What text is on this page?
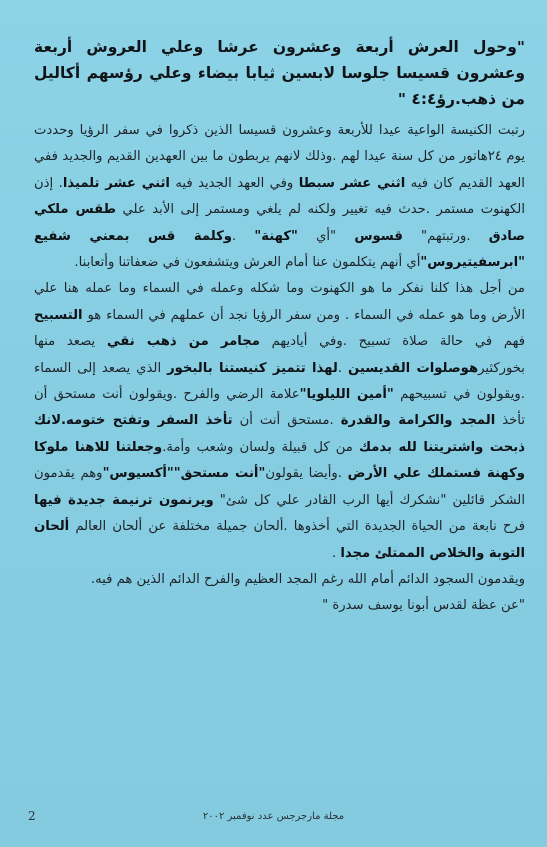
"وحول العرش أربعة وعشرون عرشا وعلي العروش أربعة وعشرون قسيسا جلوسا لابسين ثيابا بيضاء وعلي رؤسهم أكاليل من ذهب.رؤ٤:٤ "

رتبت الكنيسة الواعية عيدا للأربعة وعشرون قسيسا الذين ذكروا في سفر الرؤيا وحددت يوم ٢٤هاتور من كل سنة عيدا لهم .وذلك لانهم يربطون ما بين العهدين القديم والجديد ففي العهد القديم كان فيه اثني عشر سبطا وفي العهد الجديد فيه اثني عشر تلميذا. إذن الكهنوت مستمر .حدث فيه تغيير ولكنه لم يلغي ومستمر إلى الأبد علي طقس ملكي صادق .ورتبتهم" قسوس "أي "كهنة" .وكلمة قس بمعني شفيع "ابرسفيتيروس"أي أنهم يتكلمون عنا أمام العرش ويتشفعون في ضعفاتنا وأتعابنا.

من أجل هذا كلنا نفكر ما هو الكهنوت وما شكله وعمله في السماء وما عمله هنا علي الأرض وما هو عمله في السماء . ومن سفر الرؤيا نجد أن عملهم في السماء هو التسبيح فهم في حالة صلاة تسبيح .وفي أياديهم مجامر من ذهب نقي يصعد منها بخوركثيرهوصلوات القديسين .لهذا تتميز كنيستنا بالبخور الذي يصعد إلى السماء .ويقولون في تسبيحهم "أمين الليلويا"علامة الرضي والفرح .ويقولون أنت مستحق أن تأخذ المجد والكرامة والقدرة .مستحق أنت أن تأخذ السفر وتفتح ختومه.لانك ذبحت واشتريتنا لله بدمك من كل قبيلة ولسان وشعب وأمة.وجعلتنا للاهنا ملوكا وكهنة فستملك علي الأرض .وأيضا يقولون"أنت مستحق""أكسيوس"وهم يقدمون الشكر قائلين "نشكرك أيها الرب القادر علي كل شئ" ويرنمون ترنيمة جديدة فيها فرح نابعة من الحياة الجديدة التي أخذوها .ألحان جميلة مختلفة عن ألحان العالم ألحان التوبة والخلاص الممتلئ مجدا .

ويقدمون السجود الدائم أمام الله رغم المجد العظيم والفرح الدائم الذين هم فيه.

"عن عظة لقدس أبونا يوسف سدرة "

2	مجلة مارجرجس عدد نوفمبر ٢٠٠٢
